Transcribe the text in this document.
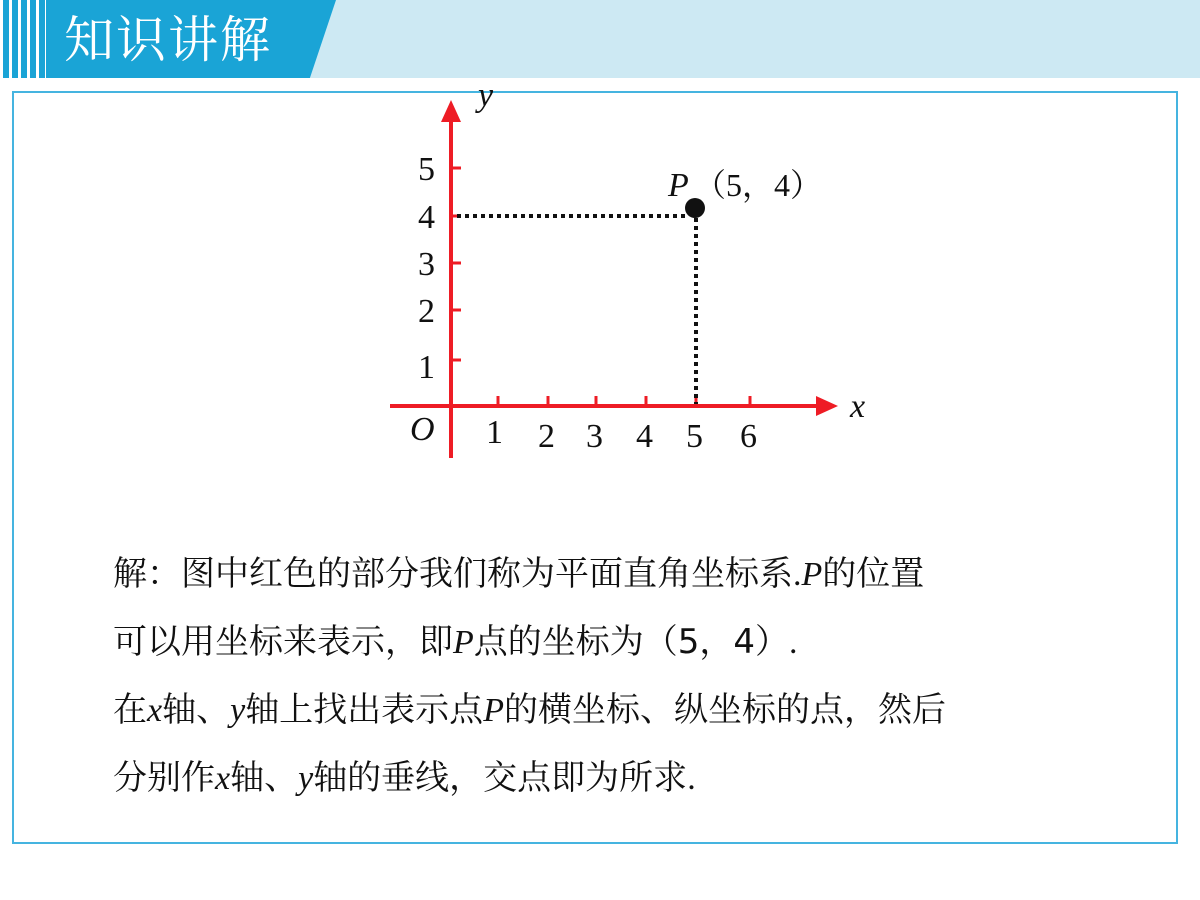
知识讲解
1 2 3 4 5 6
1
2
3
4
5	P （5，4）
x
y
O
解：图中红色的部分我们称为平面直角坐标系.P的位置
可以用坐标来表示，即P点的坐标为（5，4）.
在x轴、y轴上找出表示点P的横坐标、纵坐标的点，然后
分别作x轴、y轴的垂线，交点即为所求.
